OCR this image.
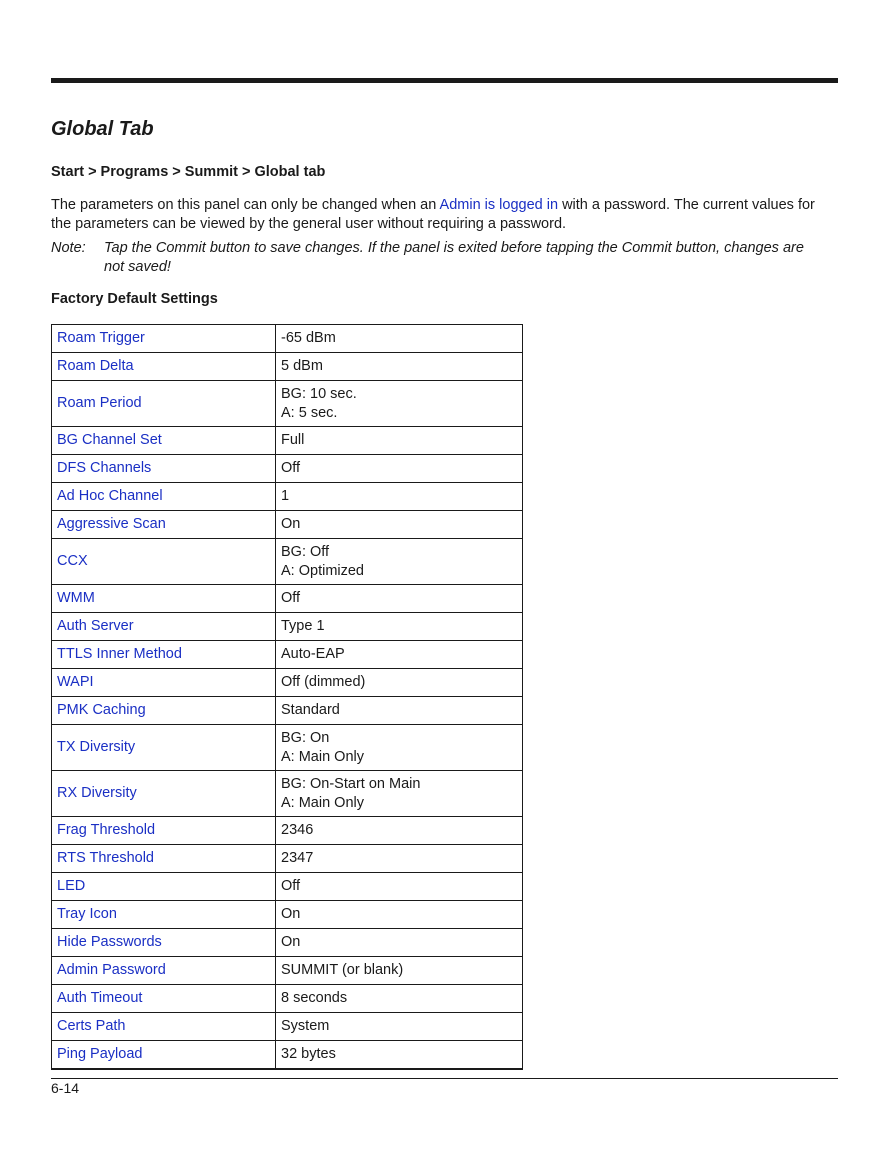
Global Tab
Start > Programs > Summit > Global tab

The parameters on this panel can only be changed when an Admin is logged in with a password. The current values for the parameters can be viewed by the general user without requiring a password.

Note:	Tap the Commit button to save changes. If the panel is exited before tapping the Commit button, changes are not saved!
Factory Default Settings
Roam Trigger	-65 dBm

Roam Delta	5 dBm

Roam Period	BG: 10 sec.
A: 5 sec.

BG Channel Set	Full

DFS Channels	Off

Ad Hoc Channel	1

Aggressive Scan	On

CCX	BG: Off
A: Optimized

WMM	Off

Auth Server	Type 1

TTLS Inner Method	Auto-EAP

WAPI	Off (dimmed)

PMK Caching	Standard

TX Diversity	BG: On
A: Main Only

RX Diversity	BG: On-Start on Main
A: Main Only

Frag Threshold	2346

RTS Threshold	2347

LED	Off

Tray Icon	On

Hide Passwords	On

Admin Password	SUMMIT (or blank)

Auth Timeout	8 seconds

Certs Path	System

Ping Payload	32 bytes
6-14
